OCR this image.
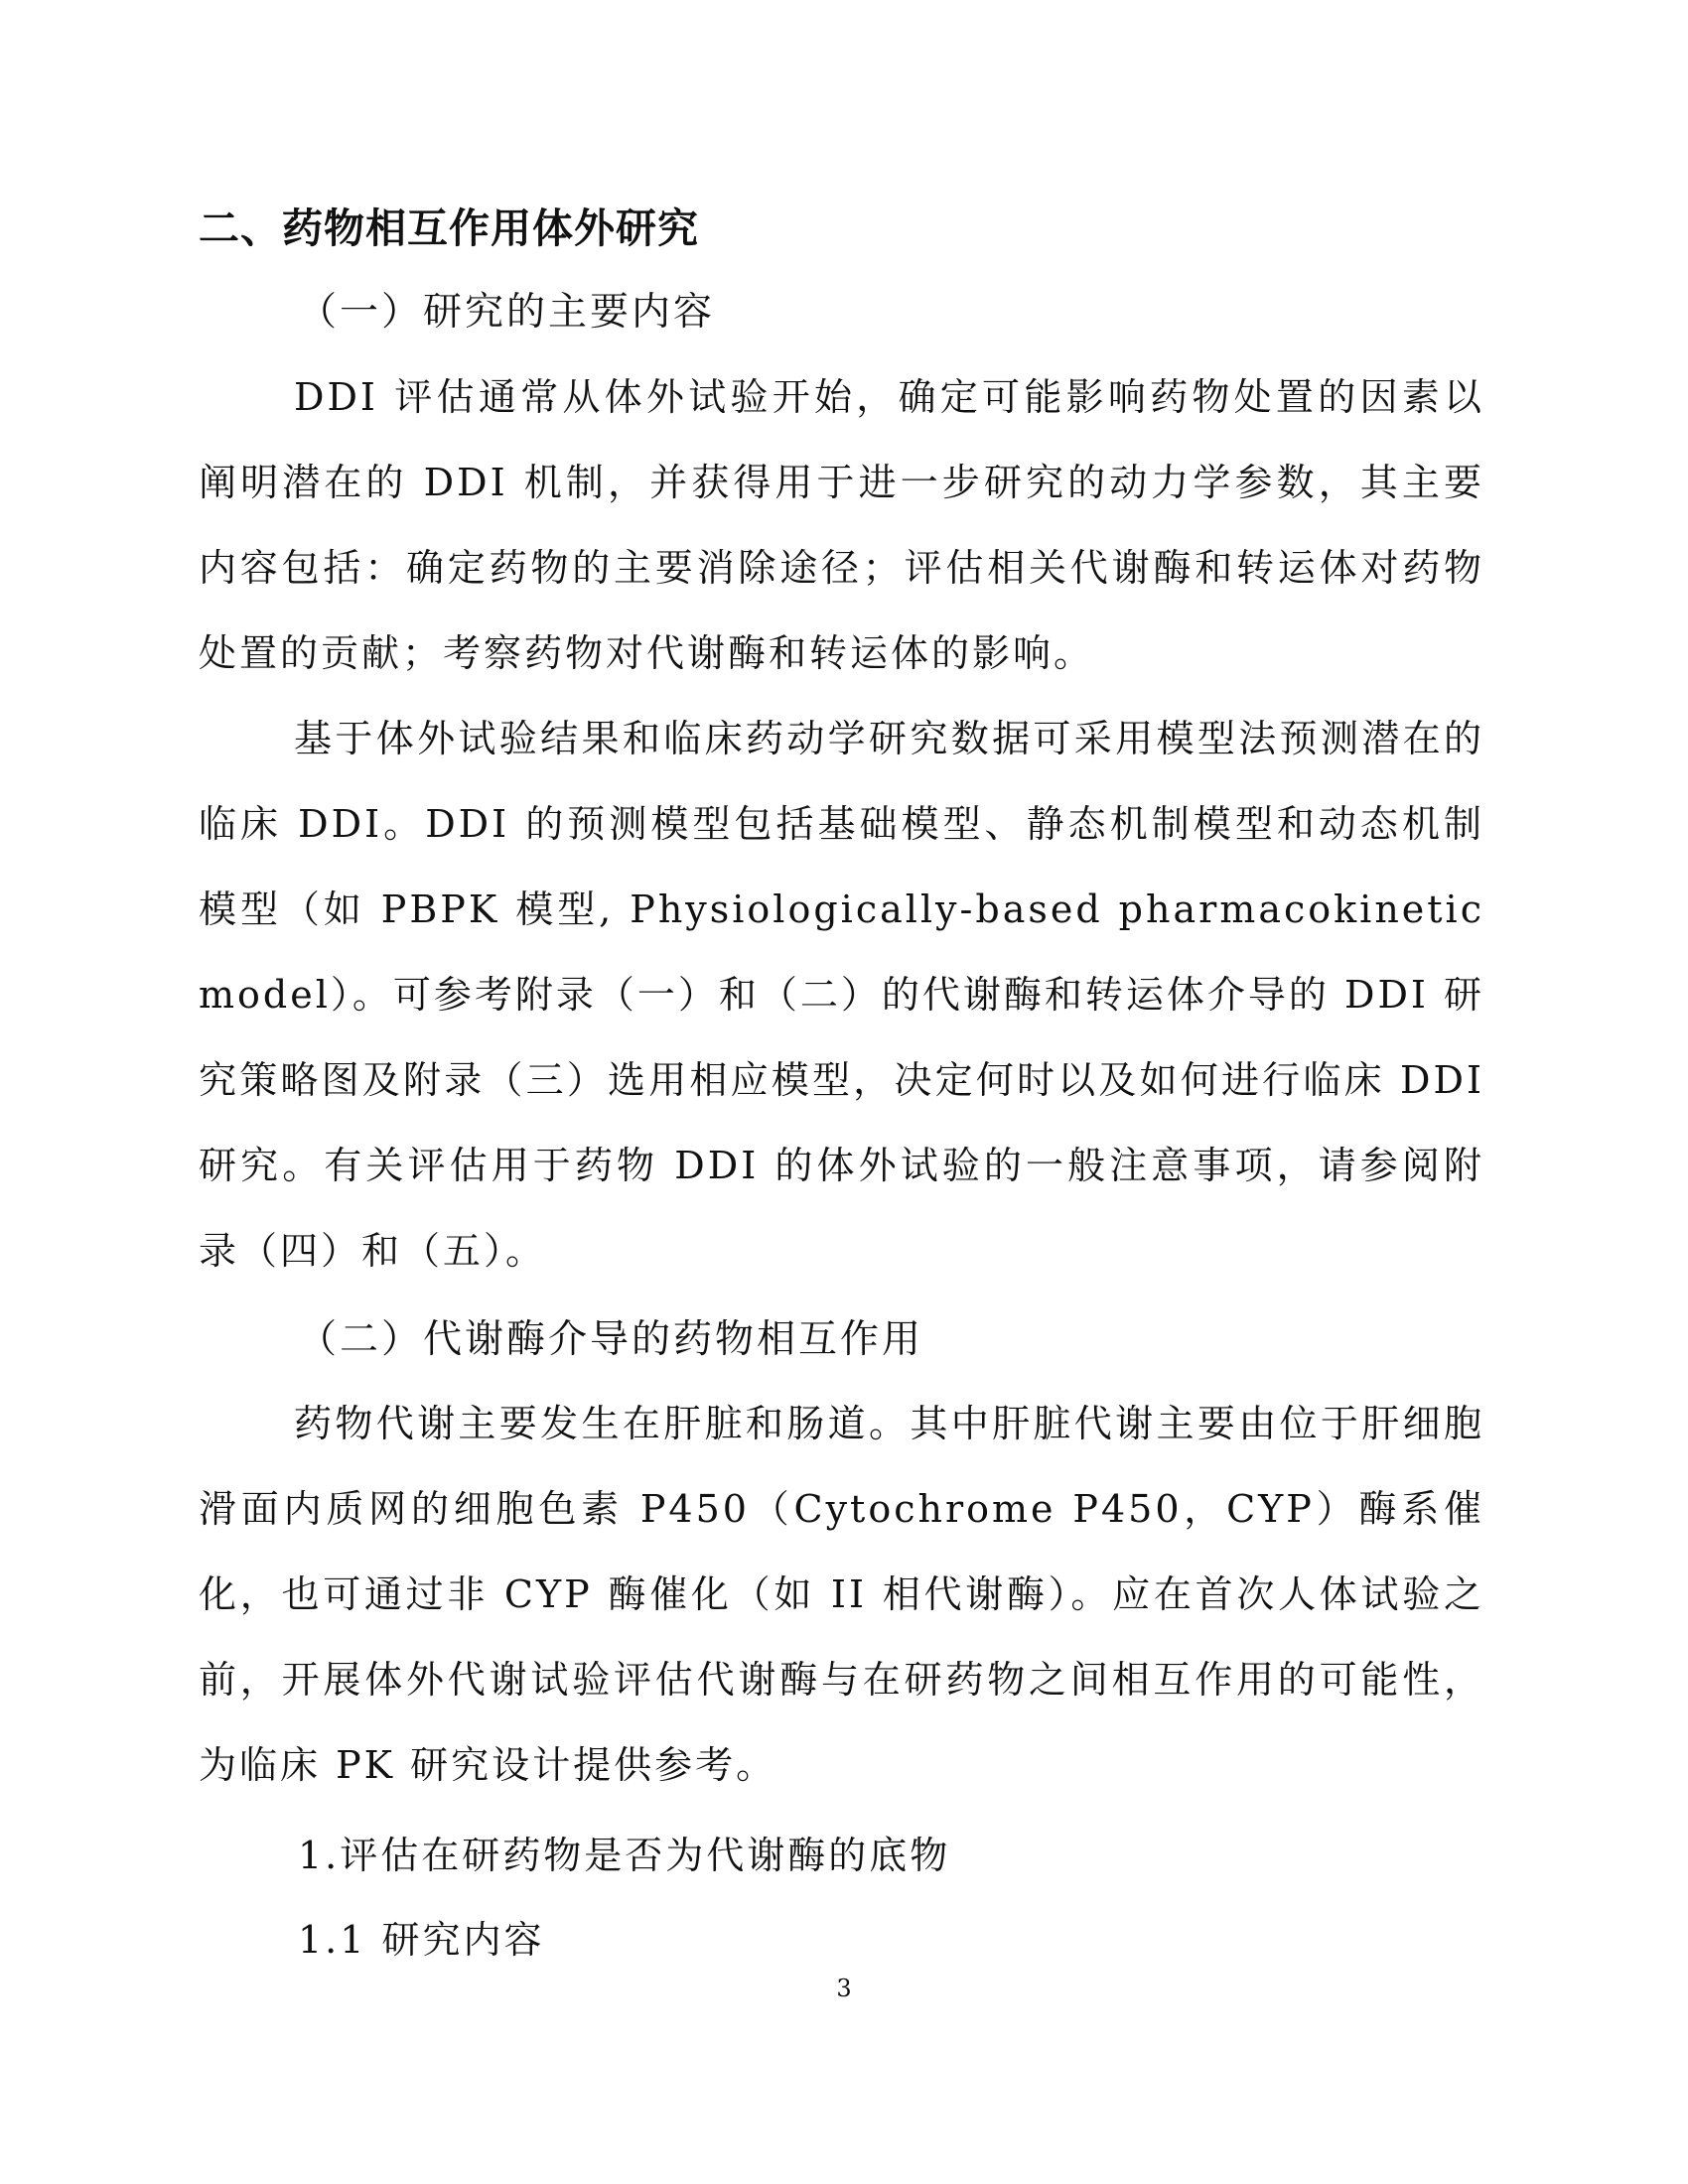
二、药物相互作用体外研究
（一）研究的主要内容

DDI 评估通常从体外试验开始，确定可能影响药物处置的因素以阐明潜在的 DDI 机制，并获得用于进一步研究的动力学参数，其主要内容包括：确定药物的主要消除途径；评估相关代谢酶和转运体对药物处置的贡献；考察药物对代谢酶和转运体的影响。

基于体外试验结果和临床药动学研究数据可采用模型法预测潜在的临床 DDI。DDI 的预测模型包括基础模型、静态机制模型和动态机制模型（如 PBPK 模型, Physiologically-based pharmacokinetic model）。可参考附录（一）和（二）的代谢酶和转运体介导的 DDI 研究策略图及附录（三）选用相应模型，决定何时以及如何进行临床 DDI 研究。有关评估用于药物 DDI 的体外试验的一般注意事项，请参阅附录（四）和（五）。

（二）代谢酶介导的药物相互作用

药物代谢主要发生在肝脏和肠道。其中肝脏代谢主要由位于肝细胞滑面内质网的细胞色素 P450（Cytochrome P450，CYP）酶系催化，也可通过非 CYP 酶催化（如 II 相代谢酶）。应在首次人体试验之前，开展体外代谢试验评估代谢酶与在研药物之间相互作用的可能性，为临床 PK 研究设计提供参考。

1.评估在研药物是否为代谢酶的底物

1.1 研究内容

3
